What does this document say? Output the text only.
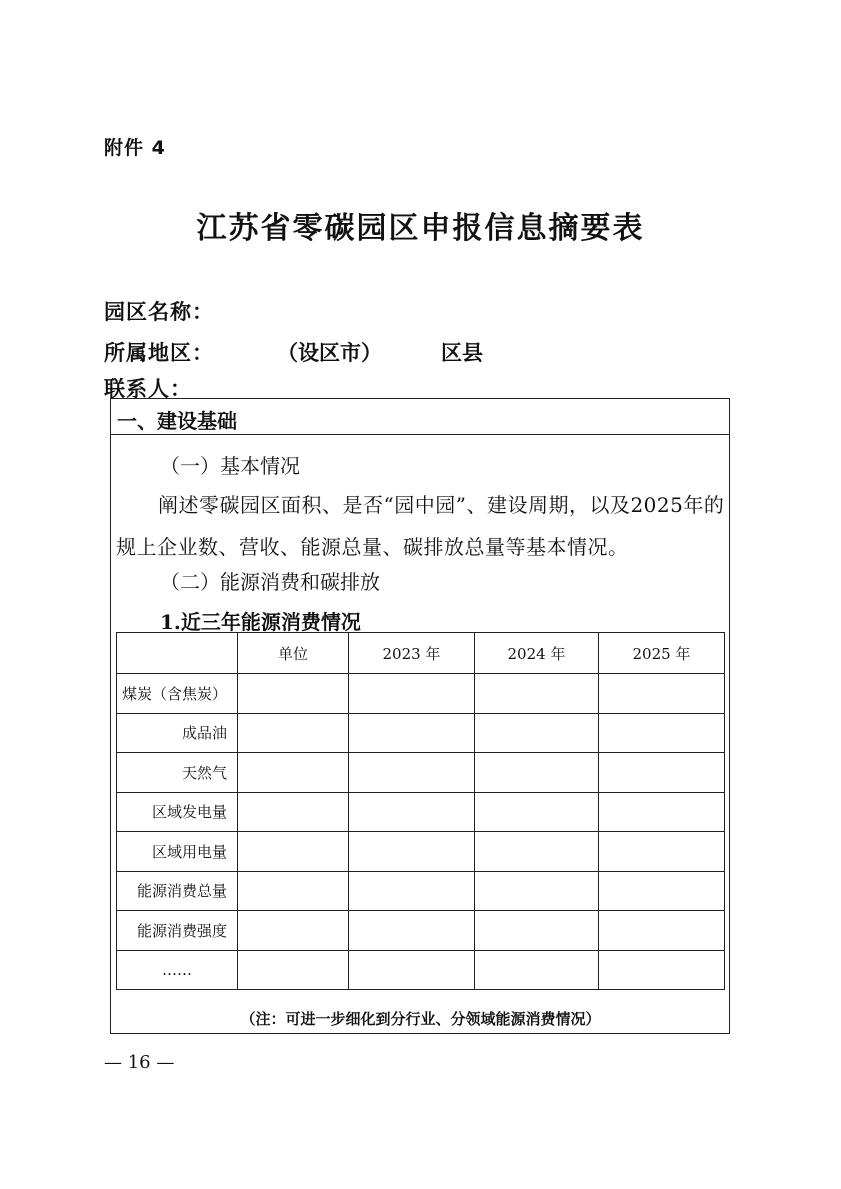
附件 4
江苏省零碳园区申报信息摘要表
园区名称：
所属地区：	（设区市）	区县
联系人：
一、建设基础
（一）基本情况
阐述零碳园区面积、是否“园中园”、建设周期，以及2025年的规上企业数、营收、能源总量、碳排放总量等基本情况。
（二）能源消费和碳排放
1.近三年能源消费情况
	单位	2023 年	2024 年	2025 年
煤炭（含焦炭）				
成品油				
天然气				
区域发电量				
区域用电量				
能源消费总量				
能源消费强度				
……				
（注：可进一步细化到分行业、分领域能源消费情况）
— 16 —
